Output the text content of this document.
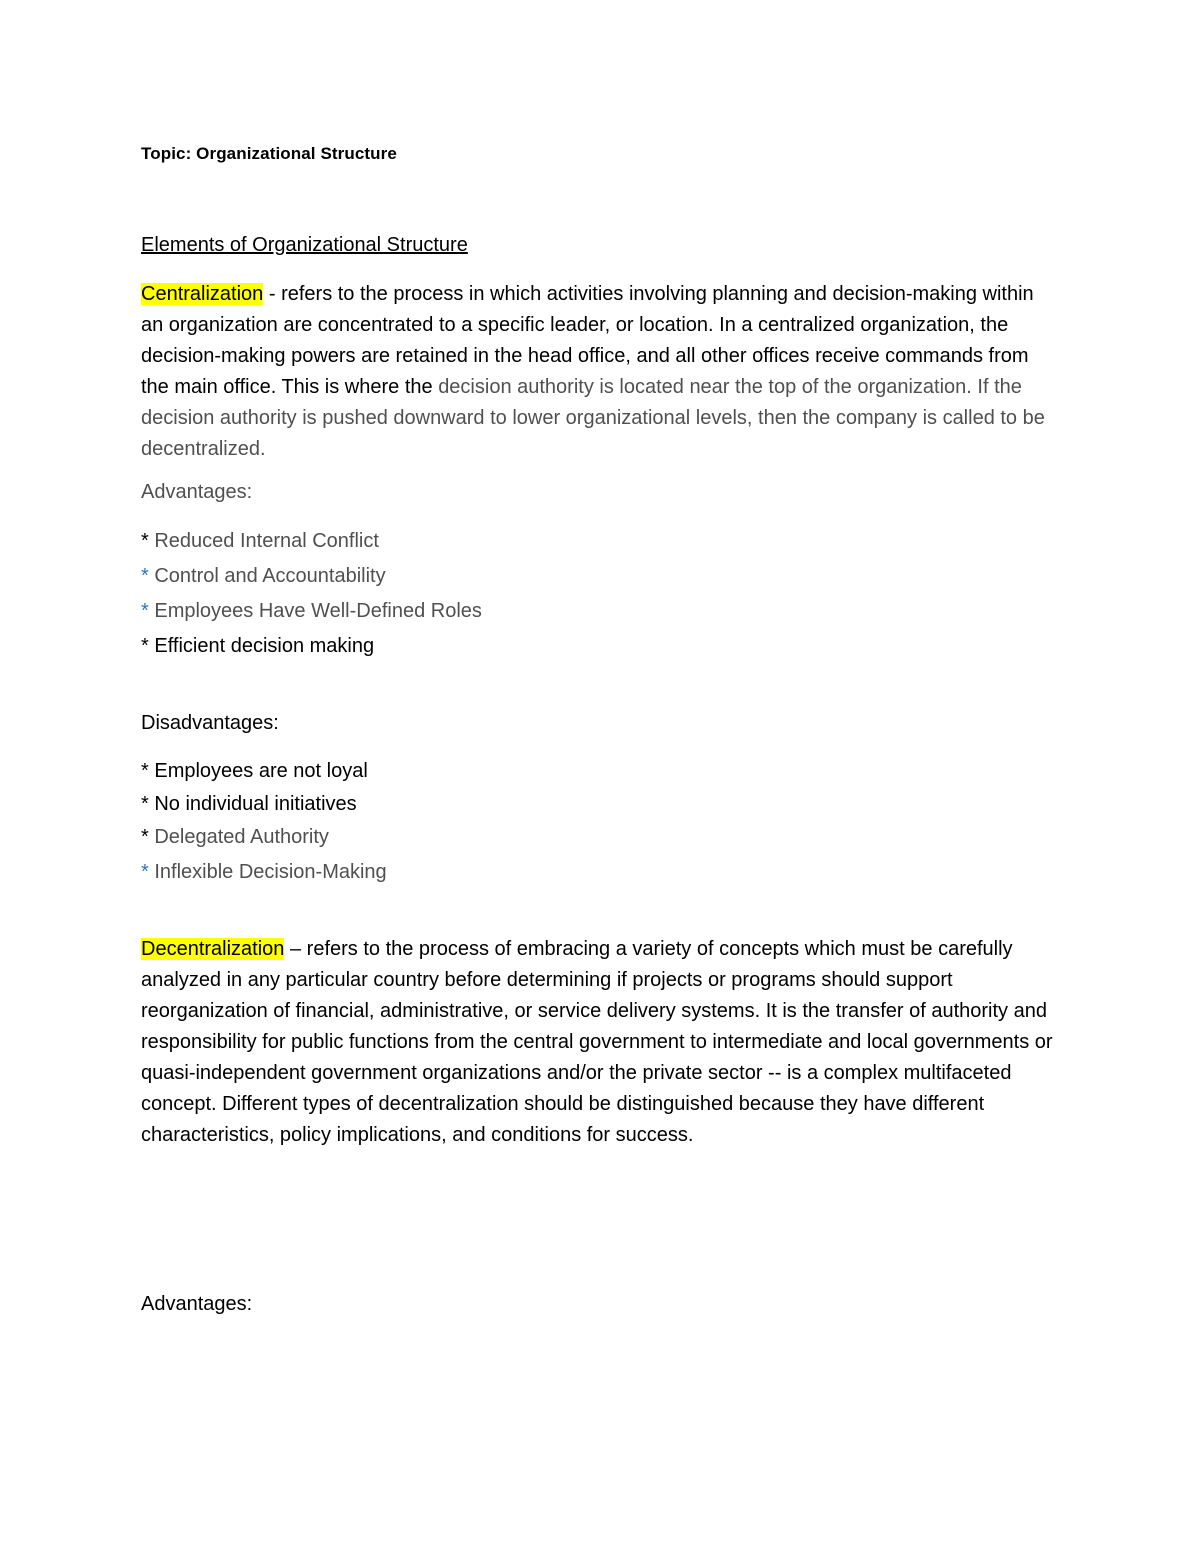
Topic: Organizational Structure
Elements of Organizational Structure
Centralization - refers to the process in which activities involving planning and decision-making within an organization are concentrated to a specific leader, or location. In a centralized organization, the decision-making powers are retained in the head office, and all other offices receive commands from the main office. This is where the decision authority is located near the top of the organization. If the decision authority is pushed downward to lower organizational levels, then the company is called to be decentralized.
Advantages:
* Reduced Internal Conflict
* Control and Accountability
* Employees Have Well-Defined Roles
* Efficient decision making
Disadvantages:
* Employees are not loyal
* No individual initiatives
* Delegated Authority
* Inflexible Decision-Making
Decentralization – refers to the process of embracing a variety of concepts which must be carefully analyzed in any particular country before determining if projects or programs should support reorganization of financial, administrative, or service delivery systems. It is the transfer of authority and responsibility for public functions from the central government to intermediate and local governments or quasi-independent government organizations and/or the private sector -- is a complex multifaceted concept. Different types of decentralization should be distinguished because they have different characteristics, policy implications, and conditions for success.
Advantages:
